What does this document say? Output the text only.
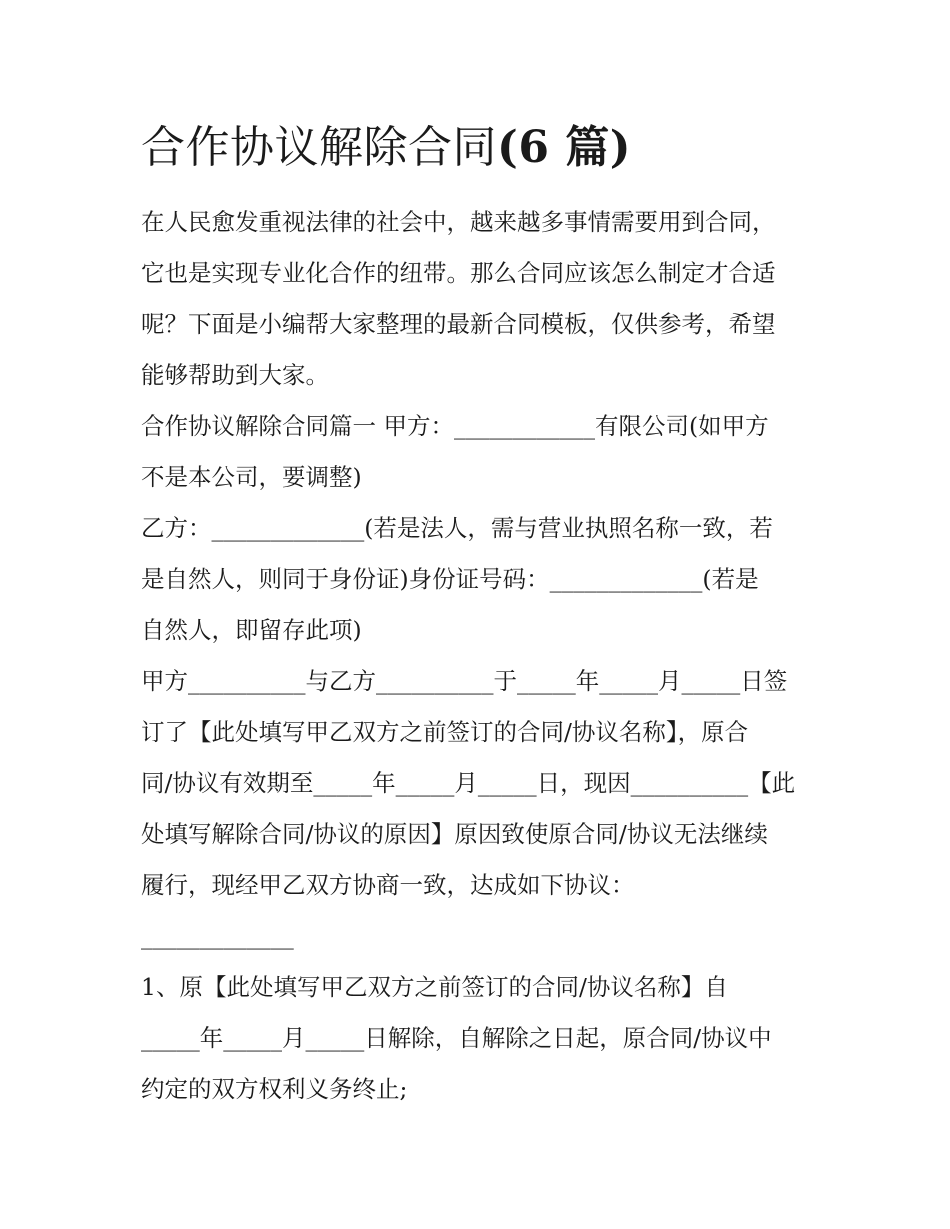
合作协议解除合同(6 篇)

在人民愈发重视法律的社会中，越来越多事情需要用到合同，

它也是实现专业化合作的纽带。那么合同应该怎么制定才合适

呢？下面是小编帮大家整理的最新合同模板，仅供参考，希望

能够帮助到大家。

合作协议解除合同篇一 甲方：____________有限公司(如甲方

不是本公司，要调整)

乙方：_____________(若是法人，需与营业执照名称一致，若

是自然人，则同于身份证)身份证号码：_____________(若是

自然人，即留存此项)

甲方__________与乙方__________于_____年_____月_____日签

订了【此处填写甲乙双方之前签订的合同/协议名称】，原合

同/协议有效期至_____年_____月_____日，现因__________【此

处填写解除合同/协议的原因】原因致使原合同/协议无法继续

履行，现经甲乙双方协商一致，达成如下协议：

_____________

1、原【此处填写甲乙双方之前签订的合同/协议名称】自

_____年_____月_____日解除，自解除之日起，原合同/协议中

约定的双方权利义务终止;
